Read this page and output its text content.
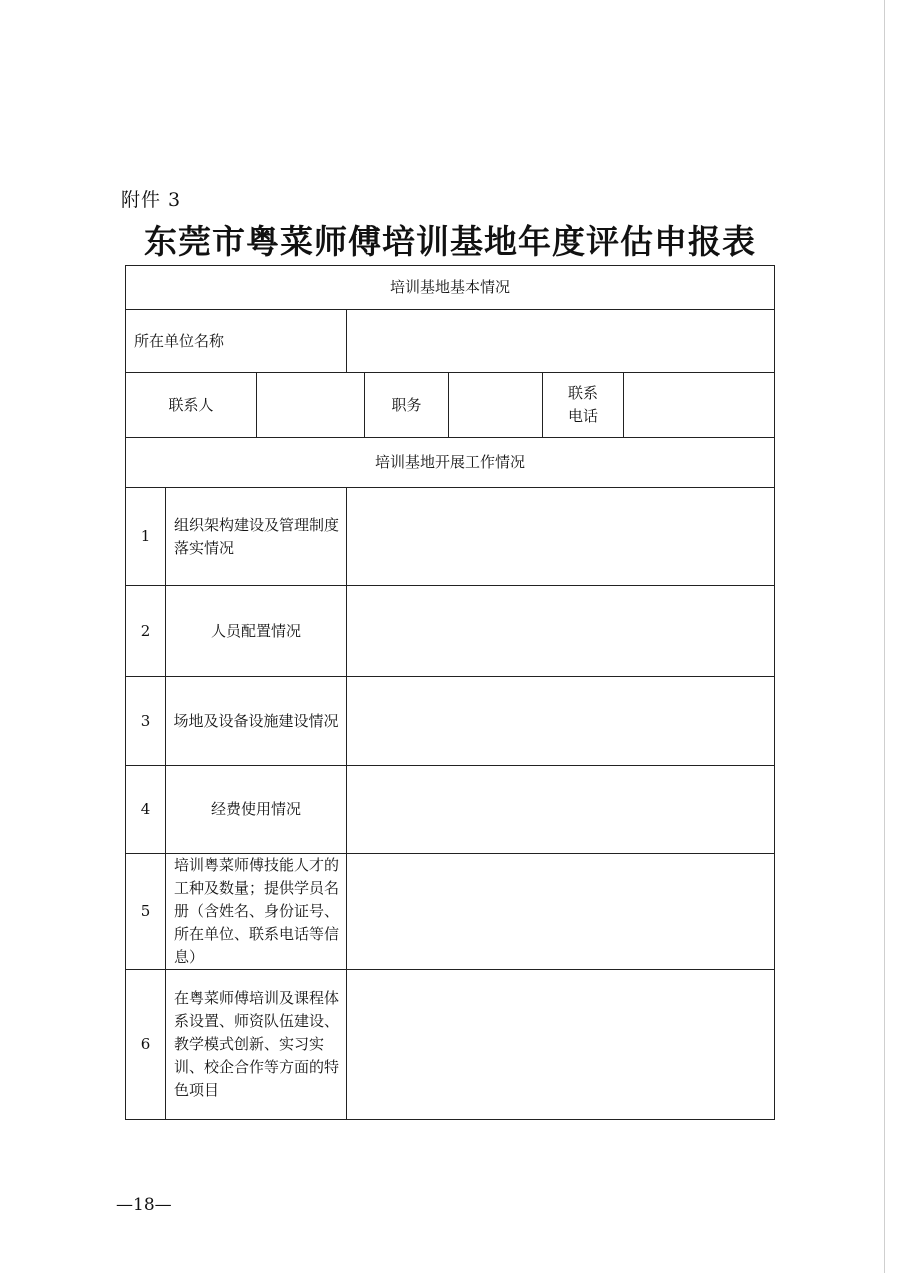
附件 3
东莞市粤菜师傅培训基地年度评估申报表
培训基地基本情况							
所在单位名称							
联系人				职务		联系
电话	

培训基地开展工作情况							
1	组织架构建设及管理制度落实情况						
2	人员配置情况						
3	场地及设备设施建设情况						
4	经费使用情况						
5	培训粤菜师傅技能人才的工种及数量；提供学员名册（含姓名、身份证号、所在单位、联系电话等信息）						
6	在粤菜师傅培训及课程体系设置、师资队伍建设、教学模式创新、实习实训、校企合作等方面的特色项目						
—18—
